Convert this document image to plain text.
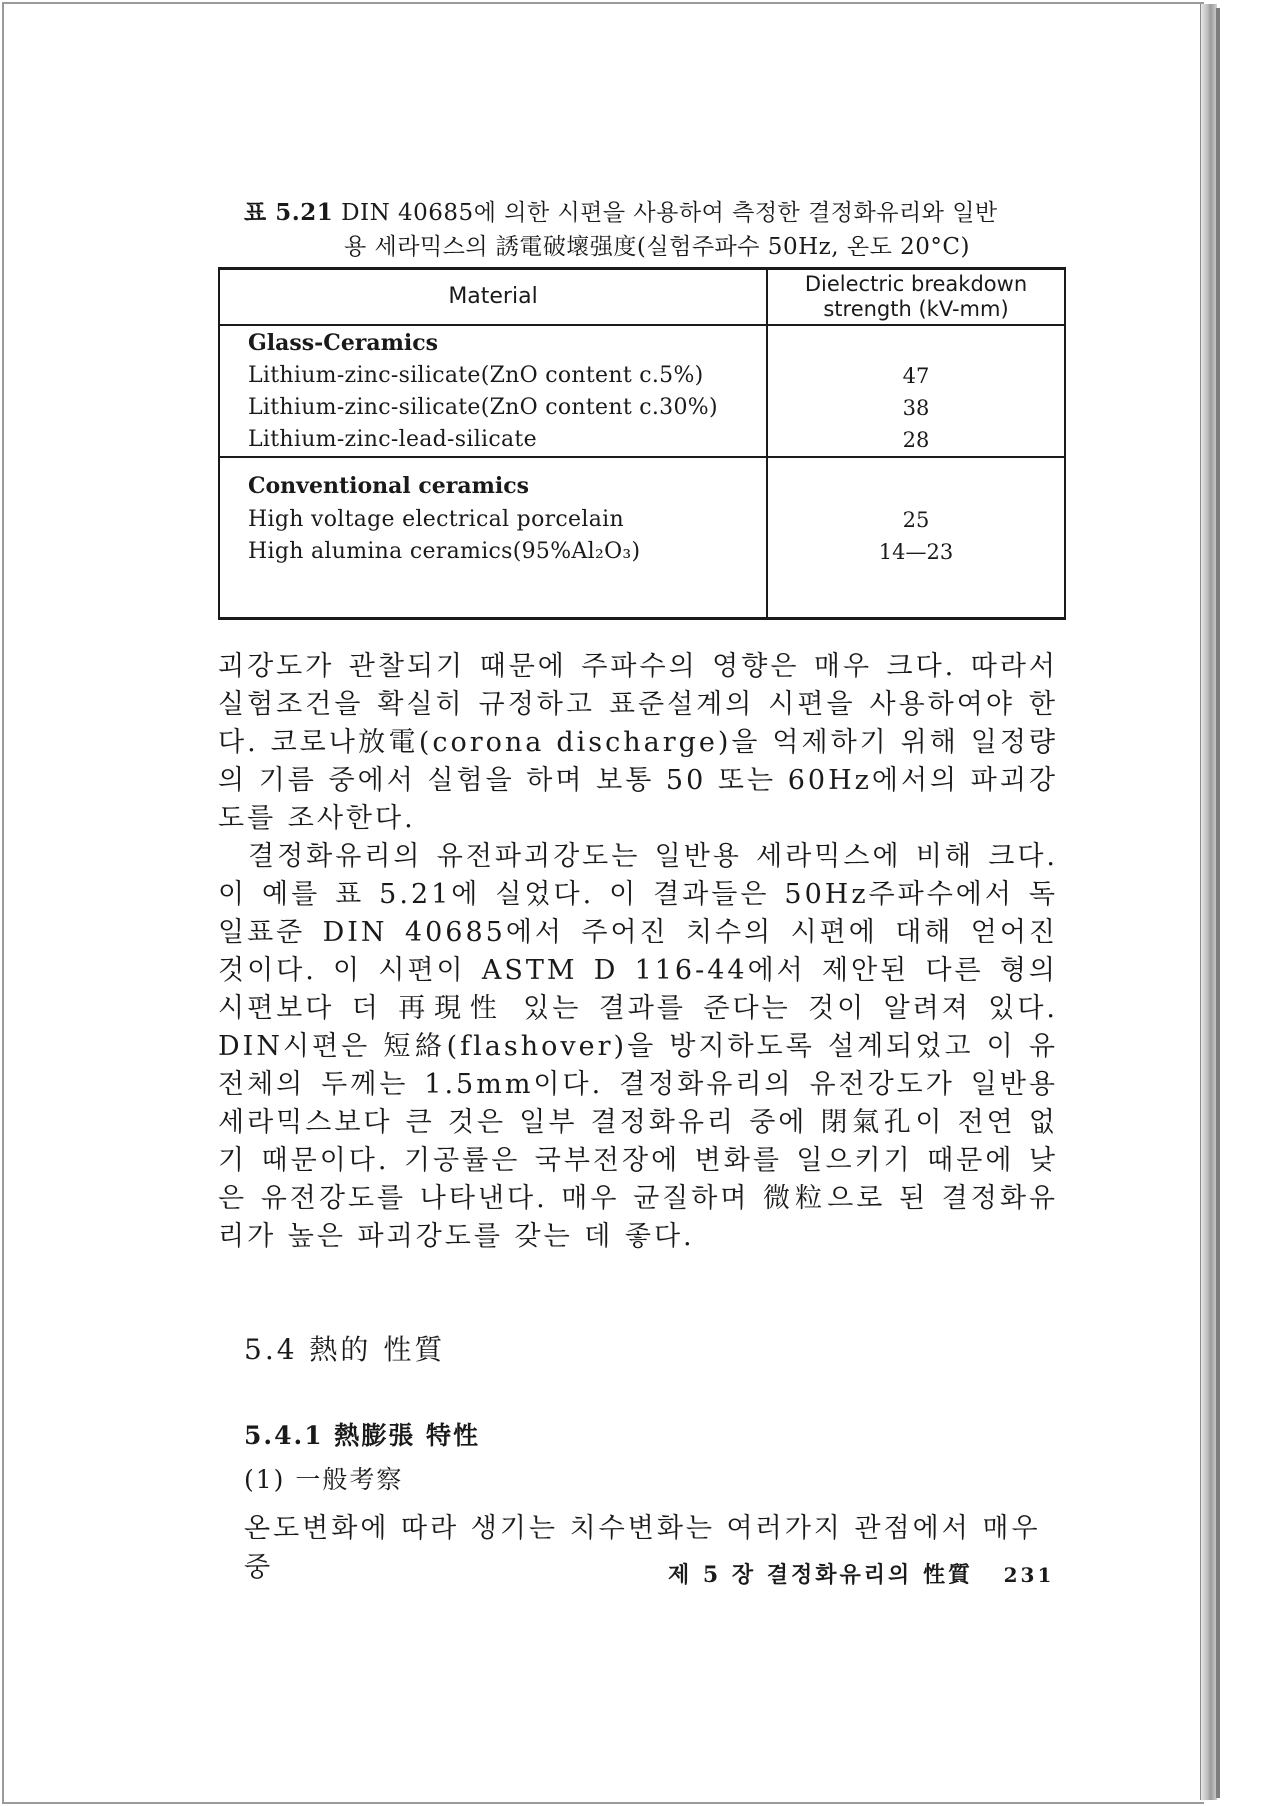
표 5.21 DIN 40685에 의한 시편을 사용하여 측정한 결정화유리와 일반
용 세라믹스의 誘電破壞强度(실험주파수 50Hz, 온도 20°C)
Material	Dielectric breakdown
strength (kV-mm)
Glass-Ceramics
Lithium-zinc-silicate(ZnO content c.5%)	47
Lithium-zinc-silicate(ZnO content c.30%)	38
Lithium-zinc-lead-silicate	28
Conventional ceramics
High voltage electrical porcelain	25
High alumina ceramics(95%Al₂O₃)	14—23

괴강도가 관찰되기 때문에 주파수의 영향은 매우 크다. 따라서 실험조건을 확실히 규정하고 표준설계의 시편을 사용하여야 한다. 코로나放電(corona discharge)을 억제하기 위해 일정량의 기름 중에서 실험을 하며 보통 50 또는 60Hz에서의 파괴강도를 조사한다.

결정화유리의 유전파괴강도는 일반용 세라믹스에 비해 크다. 이 예를 표 5.21에 실었다. 이 결과들은 50Hz주파수에서 독일표준 DIN 40685에서 주어진 치수의 시편에 대해 얻어진 것이다. 이 시편이 ASTM D 116-44에서 제안된 다른 형의 시편보다 더 再現性 있는 결과를 준다는 것이 알려져 있다. DIN시편은 短絡(flashover)을 방지하도록 설계되었고 이 유전체의 두께는 1.5mm이다. 결정화유리의 유전강도가 일반용 세라믹스보다 큰 것은 일부 결정화유리 중에 閉氣孔이 전연 없기 때문이다. 기공률은 국부전장에 변화를 일으키기 때문에 낮은 유전강도를 나타낸다. 매우 균질하며 微粒으로 된 결정화유리가 높은 파괴강도를 갖는 데 좋다.

5.4 熱的 性質
5.4.1 熱膨張 特性
(1) 一般考察
온도변화에 따라 생기는 치수변화는 여러가지 관점에서 매우 중	제 5 장 결정화유리의 性質 231
